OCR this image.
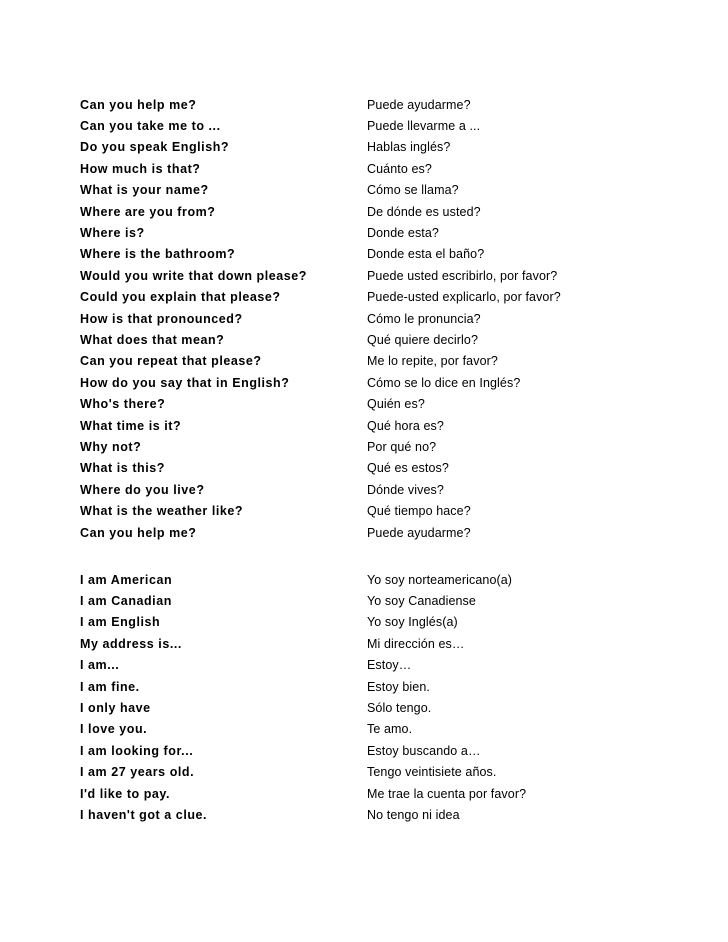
Can you help me?	Puede ayudarme?
Can you take me to ...	Puede llevarme a ...
Do you speak English?	Hablas inglés?
How much is that?	Cuánto es?
What is your name?	Cómo se llama?
Where are you from?	De dónde es usted?
Where is?	Donde esta?
Where is the bathroom?	Donde esta el baño?
Would you write that down please?	Puede usted escribirlo, por favor?
Could you explain that please?	Puede-usted explicarlo, por favor?
How is that pronounced?	Cómo le pronuncia?
What does that mean?	Qué quiere decirlo?
Can you repeat that please?	Me lo repite, por favor?
How do you say that in English?	Cómo se lo dice en Inglés?
Who's there?	Quién es?
What time is it?	Qué hora es?
Why not?	Por qué no?
What is this?	Qué es estos?
Where do you live?	Dónde vives?
What is the weather like?	Qué tiempo hace?
Can you help me?	Puede ayudarme?
I am American	Yo soy norteamericano(a)
I am Canadian	Yo soy Canadiense
I am English	Yo soy Inglés(a)
My address is...	Mi dirección es…
I am...	Estoy…
I am fine.	Estoy bien.
I only have	Sólo tengo.
I love you.	Te amo.
I am looking for...	Estoy buscando a…
I am 27 years old.	Tengo veintisiete años.
I'd like to pay.	Me trae la cuenta por favor?
I haven't got a clue.	No tengo ni idea
